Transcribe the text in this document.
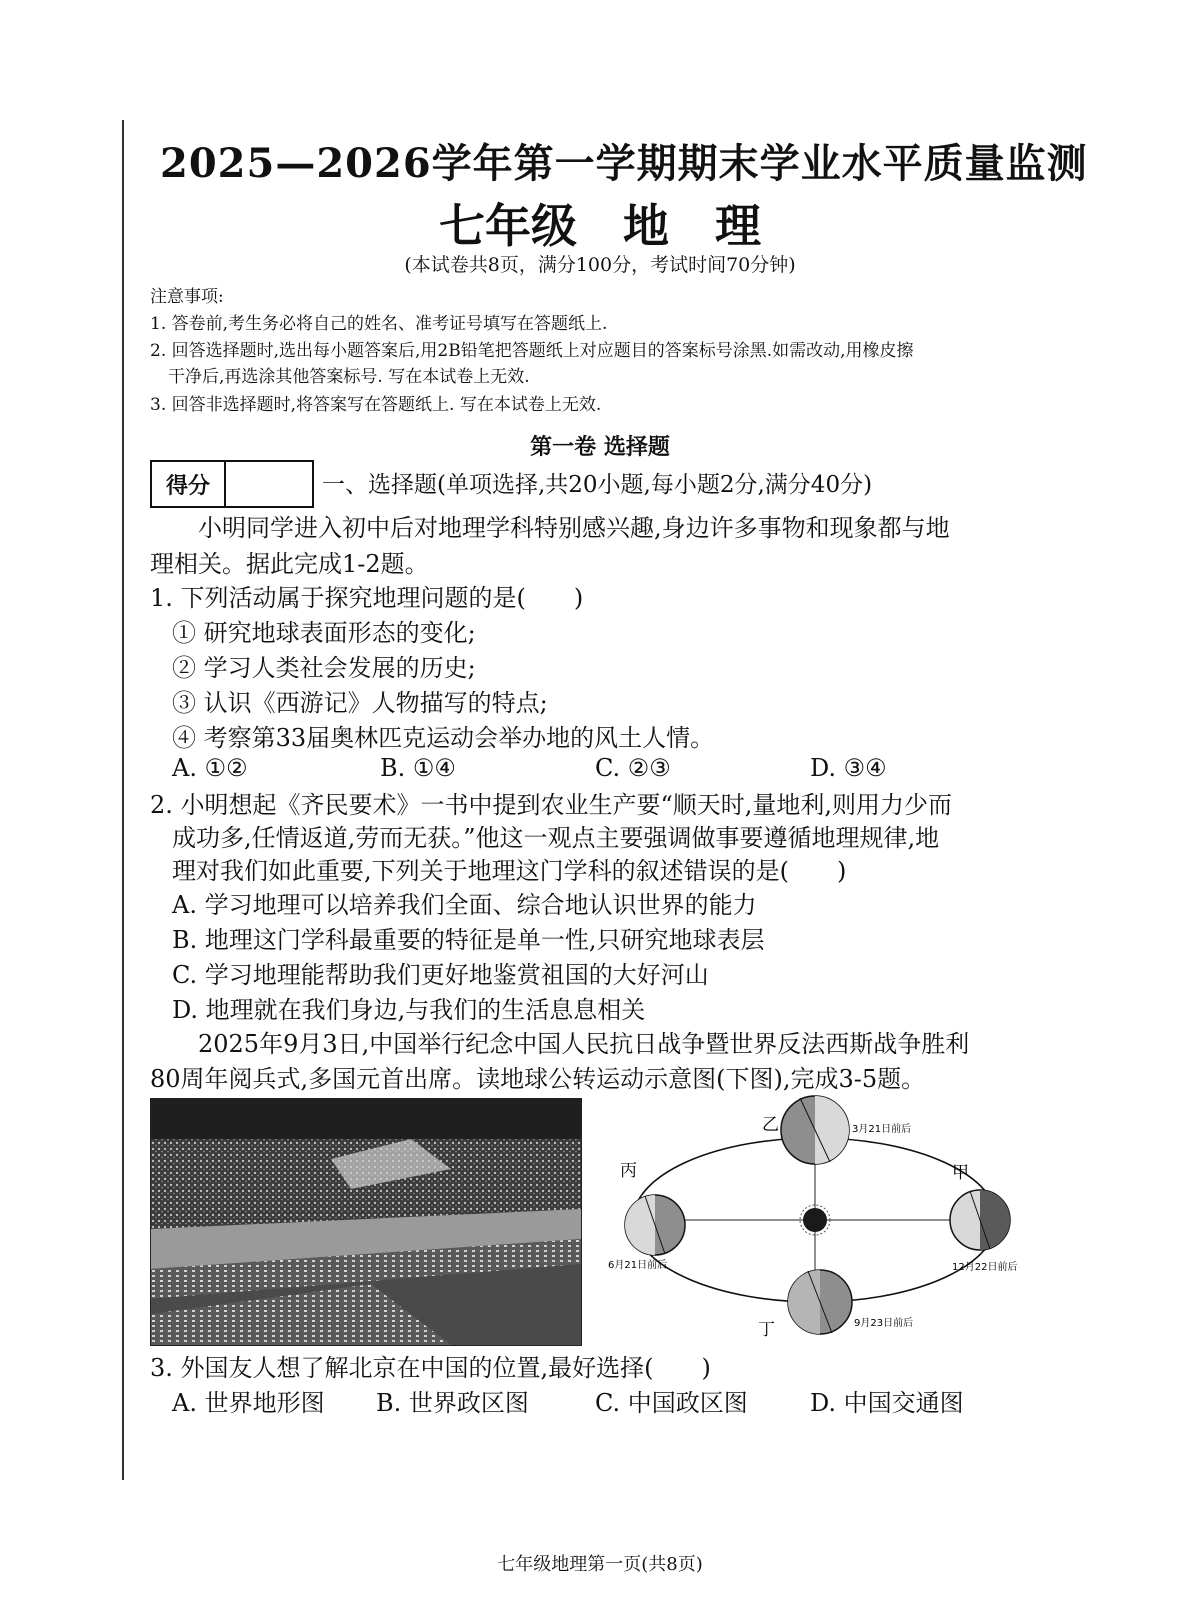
2025—2026学年第一学期期末学业水平质量监测
七年级　地　理
(本试卷共8页，满分100分，考试时间70分钟)
注意事项:
1. 答卷前,考生务必将自己的姓名、准考证号填写在答题纸上.
2. 回答选择题时,选出每小题答案后,用2B铅笔把答题纸上对应题目的答案标号涂黑.如需改动,用橡皮擦
干净后,再选涂其他答案标号. 写在本试卷上无效.
3. 回答非选择题时,将答案写在答题纸上. 写在本试卷上无效.
第一卷 选择题
得分	一、选择题(单项选择,共20小题,每小题2分,满分40分)
小明同学进入初中后对地理学科特别感兴趣,身边许多事物和现象都与地
理相关。据此完成1-2题。
1. 下列活动属于探究地理问题的是(　　)
① 研究地球表面形态的变化;
② 学习人类社会发展的历史;
③ 认识《西游记》人物描写的特点;
④ 考察第33届奥林匹克运动会举办地的风土人情。
A. ①②	B. ①④	C. ②③	D. ③④
2. 小明想起《齐民要术》一书中提到农业生产要“顺天时,量地利,则用力少而
成功多,任情返道,劳而无获。”他这一观点主要强调做事要遵循地理规律,地
理对我们如此重要,下列关于地理这门学科的叙述错误的是(　　)
A. 学习地理可以培养我们全面、综合地认识世界的能力
B. 地理这门学科最重要的特征是单一性,只研究地球表层
C. 学习地理能帮助我们更好地鉴赏祖国的大好河山
D. 地理就在我们身边,与我们的生活息息相关
2025年9月3日,中国举行纪念中国人民抗日战争暨世界反法西斯战争胜利
80周年阅兵式,多国元首出席。读地球公转运动示意图(下图),完成3-5题。
乙
丙	甲
丁
3月21日前后
6月21日前后	12月22日前后
9月23日前后
3. 外国友人想了解北京在中国的位置,最好选择(　　)
A. 世界地形图 B. 世界政区图	C. 中国政区图	D. 中国交通图
七年级地理第一页(共8页)
